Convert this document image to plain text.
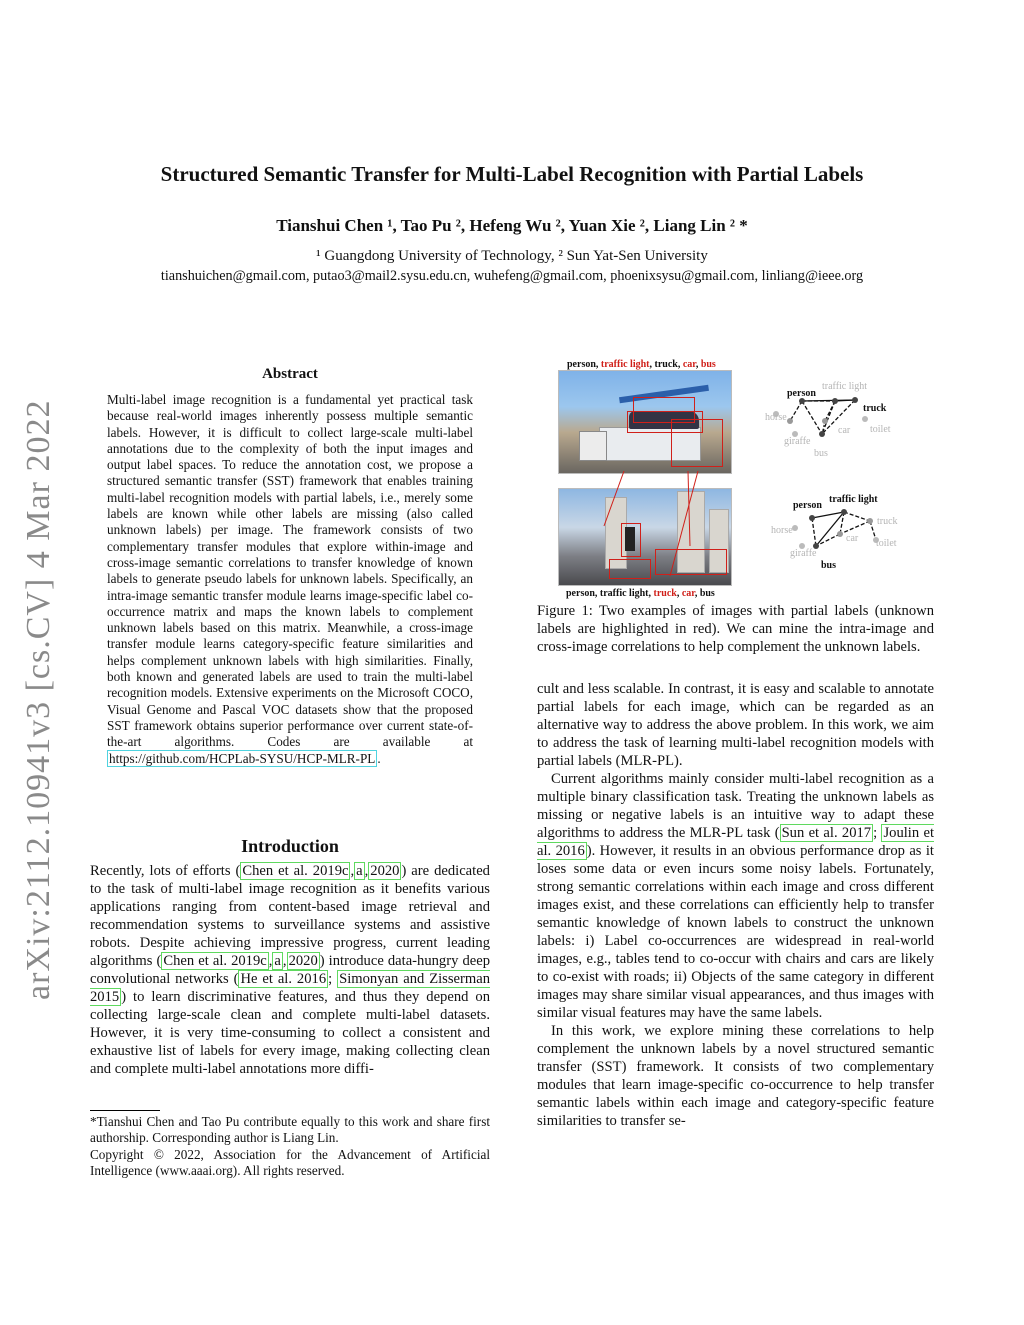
Structured Semantic Transfer for Multi-Label Recognition with Partial Labels
Tianshui Chen ¹, Tao Pu ², Hefeng Wu ², Yuan Xie ², Liang Lin ² *
¹ Guangdong University of Technology, ² Sun Yat-Sen University
tianshuichen@gmail.com, putao3@mail2.sysu.edu.cn, wuhefeng@gmail.com, phoenixsysu@gmail.com, linliang@ieee.org
arXiv:2112.10941v3 [cs.CV] 4 Mar 2022
Abstract
Multi-label image recognition is a fundamental yet practical task because real-world images inherently possess multiple semantic labels. However, it is difficult to collect large-scale multi-label annotations due to the complexity of both the input images and output label spaces. To reduce the annotation cost, we propose a structured semantic transfer (SST) framework that enables training multi-label recognition models with partial labels, i.e., merely some labels are known while other labels are missing (also called unknown labels) per image. The framework consists of two complementary transfer modules that explore within-image and cross-image semantic correlations to transfer knowledge of known labels to generate pseudo labels for unknown labels. Specifically, an intra-image semantic transfer module learns image-specific label co-occurrence matrix and maps the known labels to complement unknown labels based on this matrix. Meanwhile, a cross-image transfer module learns category-specific feature similarities and helps complement unknown labels with high similarities. Finally, both known and generated labels are used to train the multi-label recognition models. Extensive experiments on the Microsoft COCO, Visual Genome and Pascal VOC datasets show that the proposed SST framework obtains superior performance over current state-of-the-art algorithms. Codes are available at https://github.com/HCPLab-SYSU/HCP-MLR-PL .
Introduction

Recently, lots of efforts ( Chen et al. 2019c , a , 2020 ) are dedicated to the task of multi-label image recognition as it benefits various applications ranging from content-based image retrieval and recommendation systems to surveillance systems and assistive robots. Despite achieving impressive progress, current leading algorithms ( Chen et al. 2019c , a , 2020 ) introduce data-hungry deep convolutional networks ( He et al. 2016 ; Simonyan and Zisserman 2015 ) to learn discriminative features, and thus they depend on collecting large-scale clean and complete multi-label datasets. However, it is very time-consuming to collect a consistent and exhaustive list of labels for every image, making collecting clean and complete multi-label annotations more diffi-

*Tianshui Chen and Tao Pu contribute equally to this work and share first authorship. Corresponding author is Liang Lin.
Copyright © 2022, Association for the Advancement of Artificial Intelligence (www.aaai.org). All rights reserved.
person, traffic light, truck, car, bus
person
traffic light
truck
horse
car toilet
giraffe
bus
person
traffic light
truck
horse
car toilet
giraffe
bus
person, traffic light, truck, car, bus
Figure 1: Two examples of images with partial labels (unknown labels are highlighted in red). We can mine the intra-image and cross-image correlations to help complement the unknown labels.

cult and less scalable. In contrast, it is easy and scalable to annotate partial labels for each image, which can be regarded as an alternative way to address the above problem. In this work, we aim to address the task of learning multi-label recognition models with partial labels (MLR-PL).

Current algorithms mainly consider multi-label recognition as a multiple binary classification task. Treating the unknown labels as missing or negative labels is an intuitive way to adapt these algorithms to address the MLR-PL task ( Sun et al. 2017 ; Joulin et al. 2016 ). However, it results in an obvious performance drop as it loses some data or even incurs some noisy labels. Fortunately, strong semantic correlations within each image and cross different images exist, and these correlations can efficiently help to transfer semantic knowledge of known labels to construct the unknown labels: i) Label co-occurrences are widespread in real-world images, e.g., tables tend to co-occur with chairs and cars are likely to co-exist with roads; ii) Objects of the same category in different images may share similar visual appearances, and thus images with similar visual features may have the same labels.

In this work, we explore mining these correlations to help complement the unknown labels by a novel structured semantic transfer (SST) framework. It consists of two complementary modules that learn image-specific co-occurrence to help transfer semantic labels within each image and category-specific feature similarities to transfer se-
